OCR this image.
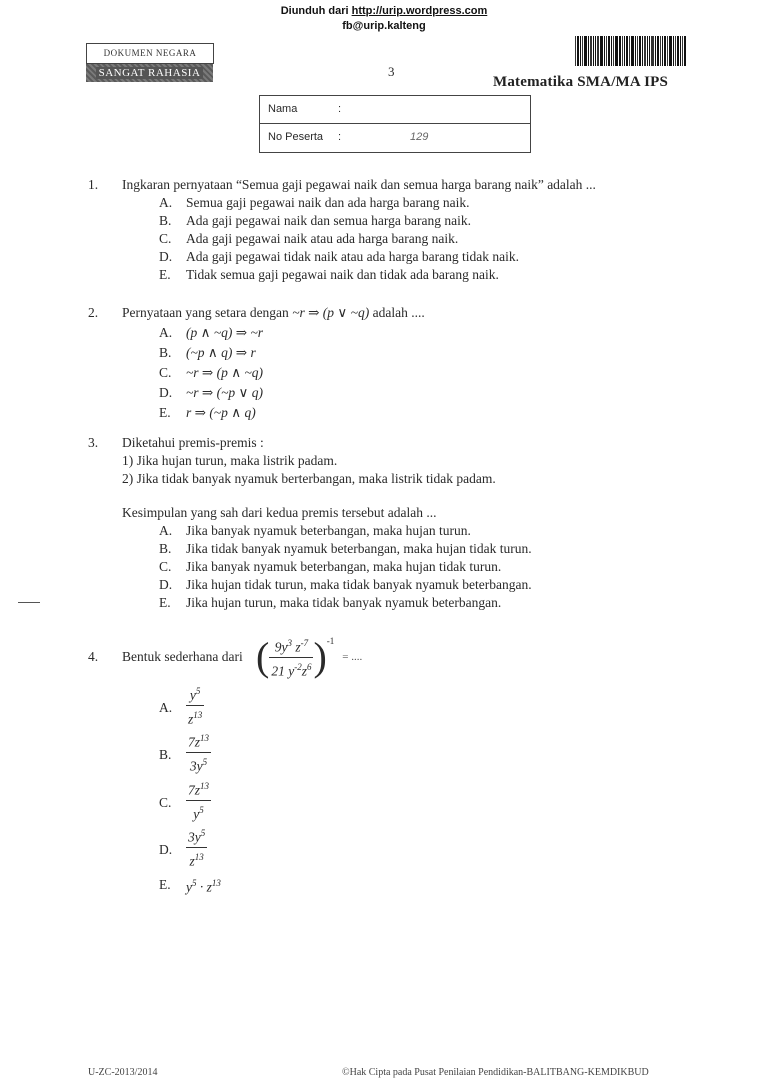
Diunduh dari http://urip.wordpress.com
fb@urip.kalteng
DOKUMEN NEGARA
SANGAT RAHASIA	3
Matematika SMA/MA IPS
Nama	:
No Peserta :	129
1. Ingkaran pernyataan “Semua gaji pegawai naik dan semua harga barang naik” adalah ...
A. Semua gaji pegawai naik dan ada harga barang naik.
B. Ada gaji pegawai naik dan semua harga barang naik.
C. Ada gaji pegawai naik atau ada harga barang naik.
D. Ada gaji pegawai tidak naik atau ada harga barang tidak naik.
E. Tidak semua gaji pegawai naik dan tidak ada barang naik.
2. Pernyataan yang setara dengan ~r ⇒ (p ∨ ~q) adalah ....
A. (p ∧ ~q) ⇒ ~r
B. (~p ∧ q) ⇒ r
C. ~r ⇒ (p ∧ ~q)
D. ~r ⇒ (~p ∨ q)
E. r ⇒ (~p ∧ q)
3. Diketahui premis-premis :
1) Jika hujan turun, maka listrik padam.
2) Jika tidak banyak nyamuk berterbangan, maka listrik tidak padam.
Kesimpulan yang sah dari kedua premis tersebut adalah ...
A. Jika banyak nyamuk beterbangan, maka hujan turun.
B. Jika tidak banyak nyamuk beterbangan, maka hujan tidak turun.
C. Jika banyak nyamuk beterbangan, maka hujan tidak turun.
D. Jika hujan tidak turun, maka tidak banyak nyamuk beterbangan.
E. Jika hujan turun, maka tidak banyak nyamuk beterbangan.
4. Bentuk sederhana dari ( $\frac{9y^3 z^{-7}}{21 y^{-2}z^6} )^{-1}$
= ....
A. $\frac{y^5}{z^{13}}$
B. $\frac{7z^{13}}{3y^5}$
C. $\frac{7z^{13}}{y^5}$
D. $\frac{3y^5}{z^{13}}$
E. $y^5 \cdot z^{13}$
U-ZC-2013/2014	©Hak Cipta pada Pusat Penilaian Pendidikan-BALITBANG-KEMDIKBUD
